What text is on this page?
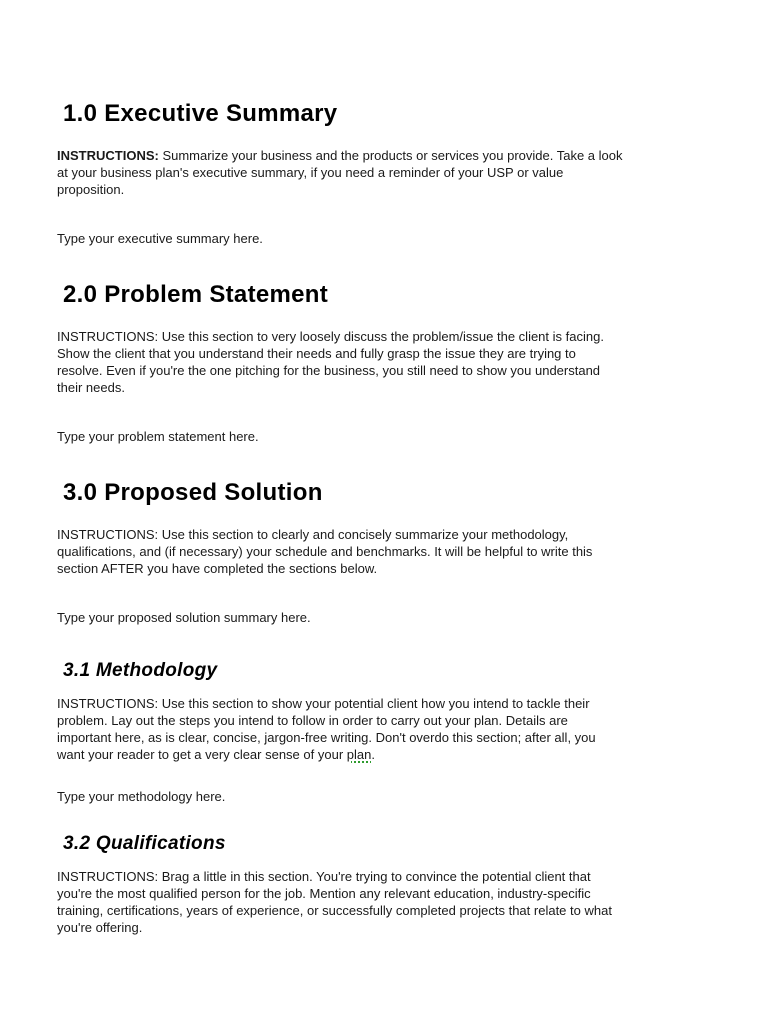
1.0 Executive Summary

INSTRUCTIONS: Summarize your business and the products or services you provide. Take a look
at your business plan's executive summary, if you need a reminder of your USP or value
proposition.

Type your executive summary here.

2.0 Problem Statement

INSTRUCTIONS: Use this section to very loosely discuss the problem/issue the client is facing.
Show the client that you understand their needs and fully grasp the issue they are trying to
resolve. Even if you're the one pitching for the business, you still need to show you understand
their needs.

Type your problem statement here.

3.0 Proposed Solution

INSTRUCTIONS: Use this section to clearly and concisely summarize your methodology,
qualifications, and (if necessary) your schedule and benchmarks. It will be helpful to write this
section AFTER you have completed the sections below.

Type your proposed solution summary here.

3.1 Methodology

INSTRUCTIONS: Use this section to show your potential client how you intend to tackle their
problem. Lay out the steps you intend to follow in order to carry out your plan. Details are
important here, as is clear, concise, jargon-free writing. Don't overdo this section; after all, you
want your reader to get a very clear sense of your plan.

Type your methodology here.

3.2 Qualifications

INSTRUCTIONS: Brag a little in this section. You're trying to convince the potential client that
you're the most qualified person for the job. Mention any relevant education, industry-specific
training, certifications, years of experience, or successfully completed projects that relate to what
you're offering.
